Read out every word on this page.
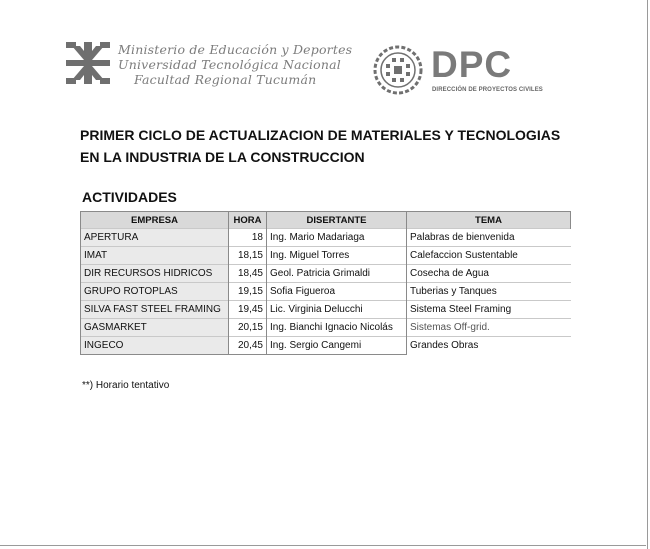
Ministerio de Educación y Deportes
Universidad Tecnológica Nacional
Facultad Regional Tucumán	DPC
DIRECCIÓN DE PROYECTOS CIVILES
PRIMER CICLO DE ACTUALIZACION DE MATERIALES Y TECNOLOGIAS
EN LA INDUSTRIA DE LA CONSTRUCCION
ACTIVIDADES
EMPRESA	HORA	DISERTANTE	TEMA
APERTURA	18	Ing. Mario Madariaga	Palabras de bienvenida
IMAT	18,15	Ing. Miguel Torres	Calefaccion Sustentable
DIR RECURSOS HIDRICOS	18,45	Geol. Patricia Grimaldi	Cosecha de Agua
GRUPO ROTOPLAS	19,15	Sofia Figueroa	Tuberias y Tanques
SILVA FAST STEEL FRAMING	19,45	Lic. Virginia Delucchi	Sistema Steel Framing
GASMARKET	20,15	Ing. Bianchi Ignacio Nicolás	Sistemas Off-grid.
INGECO	20,45	Ing. Sergio Cangemi	Grandes Obras
**) Horario tentativo
